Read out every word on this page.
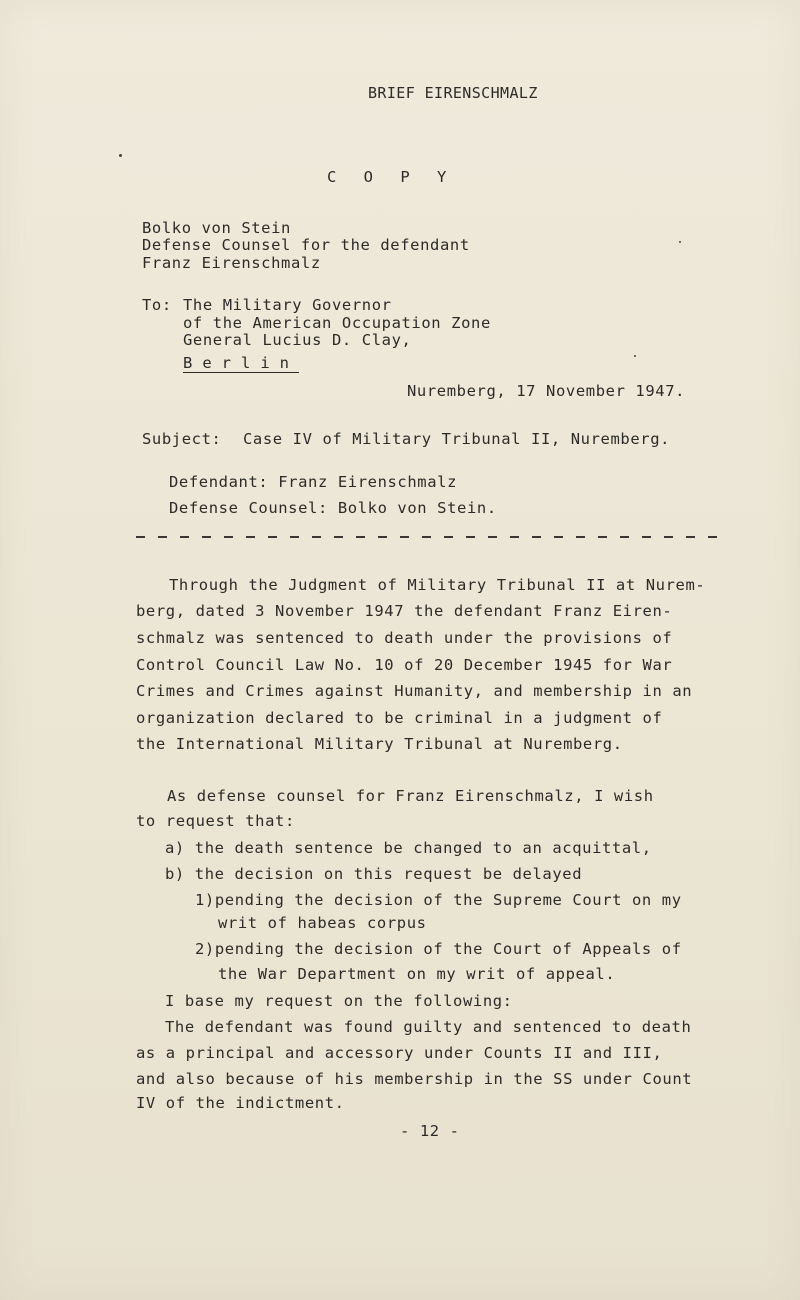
BRIEF EIRENSCHMALZ
C O P Y
Bolko von Stein
Defense Counsel for the defendant
Franz Eirenschmalz
To: The Military Governor
of the American Occupation Zone
General Lucius D. Clay,
Berlin
Nuremberg, 17 November 1947.
Subject: Case IV of Military Tribunal II, Nuremberg.
Defendant: Franz Eirenschmalz
Defense Counsel: Bolko von Stein.
Through the Judgment of Military Tribunal II at Nurem-
berg, dated 3 November 1947 the defendant Franz Eiren-
schmalz was sentenced to death under the provisions of
Control Council Law No. 10 of 20 December 1945 for War
Crimes and Crimes against Humanity, and membership in an
organization declared to be criminal in a judgment of
the International Military Tribunal at Nuremberg.
As defense counsel for Franz Eirenschmalz, I wish
to request that:
a) the death sentence be changed to an acquittal,
b) the decision on this request be delayed
1)pending the decision of the Supreme Court on my
writ of habeas corpus
2)pending the decision of the Court of Appeals of
the War Department on my writ of appeal.
I base my request on the following:
The defendant was found guilty and sentenced to death
as a principal and accessory under Counts II and III,
and also because of his membership in the SS under Count
IV of the indictment.
- 12 -
